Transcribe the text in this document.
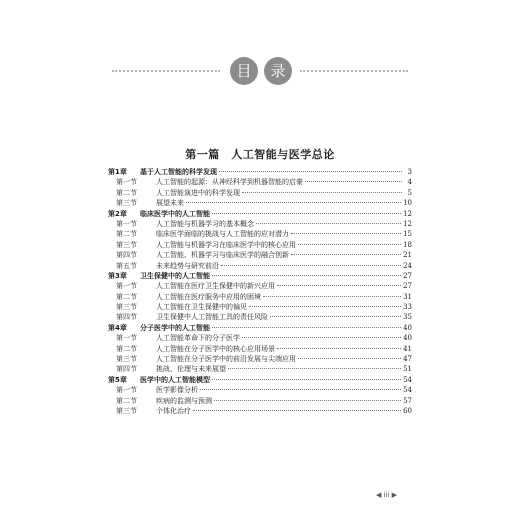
目	录
第一篇　人工智能与医学总论
第1章	基于人工智能的科学发现	3
第一节	人工智能的起源：从神经科学到机器智能的启豪	4
第二节	人工智能演进中的科学发现	5
第三节	展望未来	10
第2章	临床医学中的人工智能	12
第一节	人工智能与机器学习的基本概念	12
第二节	临床医学面临的挑战与人工智能的应对潜力	15
第三节	人工智能与机器学习在临床医学中的核心应用	18
第四节	人工智能、机器学习与临床医学的融合创新	21
第五节	未来趋势与研究前沿	24
第3章	卫生保健中的人工智能	27
第一节	人工智能在医疗卫生保健中的新兴应用	27
第二节	人工智能在医疗服务中应用的困境	31
第三节	人工智能在卫生保健中的偏见	33
第四节	卫生保健中人工智能工具的责任风险	35
第4章	分子医学中的人工智能	40
第一节	人工智能革命下的分子医学	40
第二节	人工智能在分子医学中的核心应用场景	41
第三节	人工智能在分子医学中的前沿发展与尖端应用	47
第四节	挑战、伦理与未来展望	51
第5章	医学中的人工智能模型	54
第一节	医学影像分析	54
第二节	疾病的监测与预测	57
第三节	个体化治疗	60
◀ iii ▶
